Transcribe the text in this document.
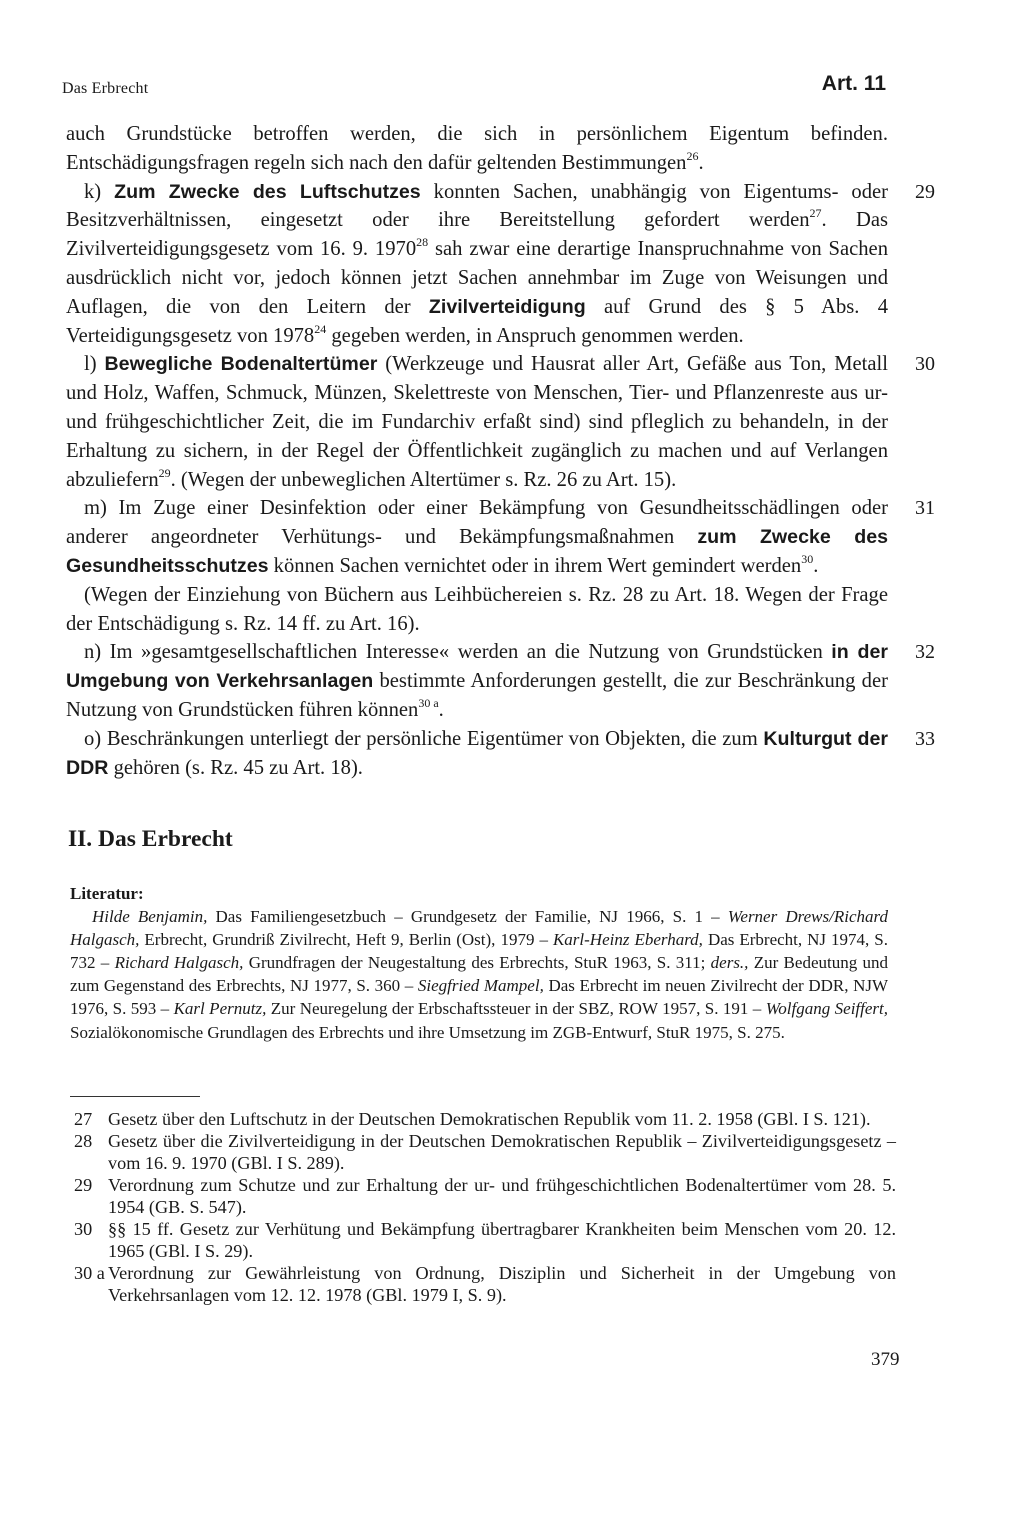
Das Erbrecht	Art. 11

auch Grundstücke betroffen werden, die sich in persönlichem Eigentum befinden. Entschädigungsfragen regeln sich nach den dafür geltenden Bestimmungen$^{26}$.

29
k) Zum Zwecke des Luftschutzes konnten Sachen, unabhängig von Eigentums- oder Besitzverhältnissen, eingesetzt oder ihre Bereitstellung gefordert werden$^{27}$. Das Zivilverteidigungsgesetz vom 16. 9. 1970$^{28}$ sah zwar eine derartige Inanspruchnahme von Sachen ausdrücklich nicht vor, jedoch können jetzt Sachen annehmbar im Zuge von Weisungen und Auflagen, die von den Leitern der Zivilverteidigung auf Grund des § 5 Abs. 4 Verteidigungsgesetz von 1978$^{24}$ gegeben werden, in Anspruch genommen werden.

30
l) Bewegliche Bodenaltertümer (Werkzeuge und Hausrat aller Art, Gefäße aus Ton, Metall und Holz, Waffen, Schmuck, Münzen, Skelettreste von Menschen, Tier- und Pflanzenreste aus ur- und frühgeschichtlicher Zeit, die im Fundarchiv erfaßt sind) sind pfleglich zu behandeln, in der Erhaltung zu sichern, in der Regel der Öffentlichkeit zugänglich zu machen und auf Verlangen abzuliefern$^{29}$. (Wegen der unbeweglichen Altertümer s. Rz. 26 zu Art. 15).

31
m) Im Zuge einer Desinfektion oder einer Bekämpfung von Gesundheitsschädlingen oder anderer angeordneter Verhütungs- und Bekämpfungsmaßnahmen zum Zwecke des Gesundheitsschutzes können Sachen vernichtet oder in ihrem Wert gemindert werden$^{30}$.

(Wegen der Einziehung von Büchern aus Leihbüchereien s. Rz. 28 zu Art. 18. Wegen der Frage der Entschädigung s. Rz. 14 ff. zu Art. 16).

32
n) Im »gesamtgesellschaftlichen Interesse« werden an die Nutzung von Grundstücken in der Umgebung von Verkehrsanlagen bestimmte Anforderungen gestellt, die zur Beschränkung der Nutzung von Grundstücken führen können$^{30 a}$.

33
o) Beschränkungen unterliegt der persönliche Eigentümer von Objekten, die zum Kulturgut der DDR gehören (s. Rz. 45 zu Art. 18).

II. Das Erbrecht

Literatur:

Hilde Benjamin, Das Familiengesetzbuch – Grundgesetz der Familie, NJ 1966, S. 1 – Werner Drews/Richard Halgasch, Erbrecht, Grundriß Zivilrecht, Heft 9, Berlin (Ost), 1979 – Karl-Heinz Eberhard, Das Erbrecht, NJ 1974, S. 732 – Richard Halgasch, Grundfragen der Neugestaltung des Erbrechts, StuR 1963, S. 311; ders., Zur Bedeutung und zum Gegenstand des Erbrechts, NJ 1977, S. 360 – Siegfried Mampel, Das Erbrecht im neuen Zivilrecht der DDR, NJW 1976, S. 593 – Karl Pernutz, Zur Neuregelung der Erbschaftssteuer in der SBZ, ROW 1957, S. 191 – Wolfgang Seiffert, Sozialökonomische Grundlagen des Erbrechts und ihre Umsetzung im ZGB-Entwurf, StuR 1975, S. 275.

27 Gesetz über den Luftschutz in der Deutschen Demokratischen Republik vom 11. 2. 1958 (GBl. I S. 121).

28 Gesetz über die Zivilverteidigung in der Deutschen Demokratischen Republik – Zivilverteidigungsgesetz – vom 16. 9. 1970 (GBl. I S. 289).

29 Verordnung zum Schutze und zur Erhaltung der ur- und frühgeschichtlichen Bodenaltertümer vom 28. 5. 1954 (GB. S. 547).

30 §§ 15 ff. Gesetz zur Verhütung und Bekämpfung übertragbarer Krankheiten beim Menschen vom 20. 12. 1965 (GBl. I S. 29).

30 a Verordnung zur Gewährleistung von Ordnung, Disziplin und Sicherheit in der Umgebung von Verkehrsanlagen vom 12. 12. 1978 (GBl. 1979 I, S. 9).

379
